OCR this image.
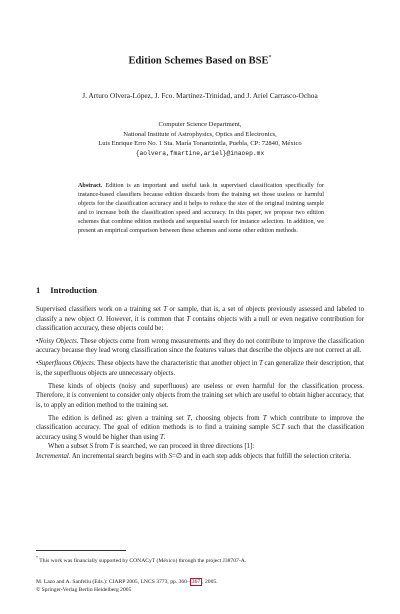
Edition Schemes Based on BSE*
J. Arturo Olvera-López, J. Fco. Martínez-Trinidad, and J. Ariel Carrasco-Ochoa
Computer Science Department,
National Institute of Astrophysics, Optics and Electronics,
Luis Enrique Erro No. 1 Sta. María Tonantzintla, Puebla, CP: 72840, México
{aolvera,fmartine,ariel}@inaoep.mx
Abstract. Edition is an important and useful task in supervised classification specifically for instance-based classifiers because edition discards from the training set those useless or harmful objects for the classification accuracy and it helps to reduce the size of the original training sample and to increase both the classification speed and accuracy. In this paper, we propose two edition schemes that combine edition methods and sequential search for instance selection. In addition, we present an empirical comparison between these schemes and some other edition methods.
1 Introduction

Supervised classifiers work on a training set T or sample, that is, a set of objects previously assessed and labeled to classify a new object O. However, it is common that T contains objects with a null or even negative contribution for classification accuracy, these objects could be:

•Noisy Objects. These objects come from wrong measurements and they do not contribute to improve the classification accuracy because they lead wrong classification since the features values that describe the objects are not correct at all.

•Superfluous Objects. These objects have the characteristic that another object in T can generalize their description, that is, the superfluous objects are unnecessary objects.

These kinds of objects (noisy and superfluous) are useless or even harmful for the classification process. Therefore, it is convenient to consider only objects from the training set which are useful to obtain higher accuracy, that is, to apply an edition method to the training set.

The edition is defined as: given a training set T, choosing objects from T which contribute to improve the classification accuracy. The goal of edition methods is to find a training sample S⊂T such that the classification accuracy using S would be higher than using T.

When a subset S from T is searched, we can proceed in three directions [1]:

Incremental. An incremental search begins with S=∅ and in each step adds objects that fulfill the selection criteria.

* This work was financially supported by CONACyT (México) through the project J38707-A.
M. Lazo and A. Sanfeliu (Eds.): CIARP 2005, LNCS 3773, pp. 360– 367 , 2005.
© Springer-Verlag Berlin Heidelberg 2005
